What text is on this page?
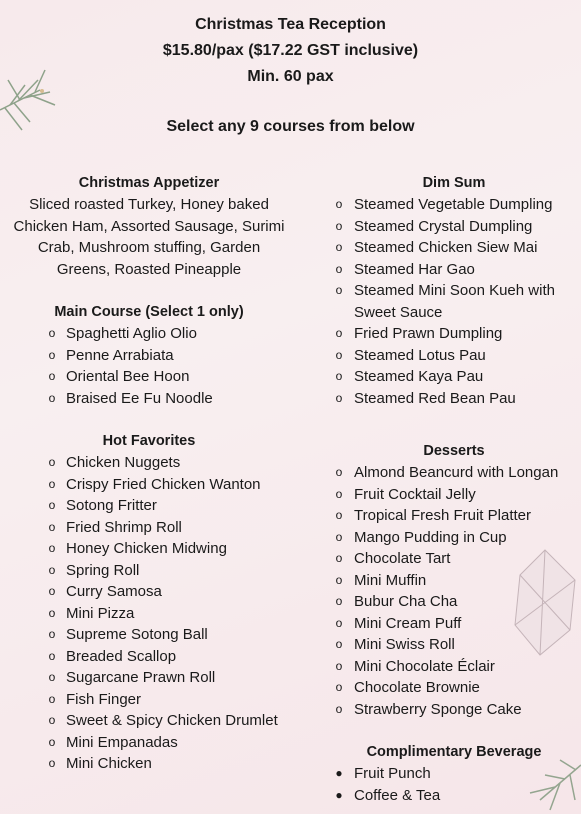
Christmas Tea Reception
$15.80/pax ($17.22 GST inclusive)
Min. 60 pax
Select any 9 courses from below
Christmas Appetizer
Sliced roasted Turkey, Honey baked
Chicken Ham, Assorted Sausage, Surimi
Crab, Mushroom stuffing, Garden
Greens, Roasted Pineapple
Main Course (Select 1 only)
o Spaghetti Aglio Olio
o Penne Arrabiata
o Oriental Bee Hoon
o Braised Ee Fu Noodle
Hot Favorites
o Chicken Nuggets
o Crispy Fried Chicken Wanton
o Sotong Fritter
o Fried Shrimp Roll
o Honey Chicken Midwing
o Spring Roll
o Curry Samosa
o Mini Pizza
o Supreme Sotong Ball
o Breaded Scallop
o Sugarcane Prawn Roll
o Fish Finger
o Sweet & Spicy Chicken Drumlet
o Mini Empanadas
o Mini Chicken
Dim Sum
o Steamed Vegetable Dumpling
o Steamed Crystal Dumpling
o Steamed Chicken Siew Mai
o Steamed Har Gao
o Steamed Mini Soon Kueh with
Sweet Sauce
o Fried Prawn Dumpling
o Steamed Lotus Pau
o Steamed Kaya Pau
o Steamed Red Bean Pau
Desserts
o Almond Beancurd with Longan
o Fruit Cocktail Jelly
o Tropical Fresh Fruit Platter
o Mango Pudding in Cup
o Chocolate Tart
o Mini Muffin
o Bubur Cha Cha
o Mini Cream Puff
o Mini Swiss Roll
o Mini Chocolate Éclair
o Chocolate Brownie
o Strawberry Sponge Cake
Complimentary Beverage
● Fruit Punch
● Coffee & Tea
